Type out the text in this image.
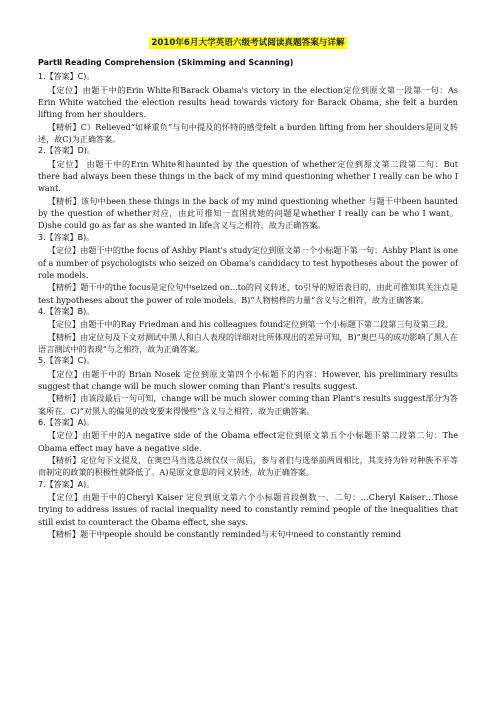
2010年6月大学英语六级考试阅读真题答案与详解

PartⅡ Reading Comprehension (Skimming and Scanning)

1.【答案】C)。

【定位】由题干中的Erin White和Barack Obama's victory in the election定位到原文第一段第一句：As Erin White watched the election results head towards victory for Barack Obama, she felt a burden lifting from her shoulders.

【精析】C）Relieved“如释重负”与句中提及的怀特的感受felt a burden lifting from her shoulders是同义转述，故C)为正确答案。

2.【答案】D)。

【定位】 由题干中的Erin White和haunted by the question of whether定位到原文第二段第二句：But there had always been these things in the back of my mind questioning whether I really can be who I want.

【精析】该句中been these things in the back of my mind questioning whether 与题干中been haunted by the question of whether对应，由此可推知一直困扰她的问题是whether I really can be who I want。D)she could go as far as she wanted in life含义与之相符，故为正确答案。

3.【答案】B)。

【定位】由题干中的the focus of Ashby Plant's study定位到原文第一个小标题下第一句：Ashby Plant is one of a number of psychologists who seized on Obama's candidacy to test hypotheses about the power of role models.

【精析】题干中的the focus是定位句中seized on...to的同义转述，to引导的短语表目的，由此可推知其关注点是test hypotheses about the power of role models。B)“人物榜样的力量”含义与之相符，故为正确答案。

4.【答案】B)。

【定位】由题干中的Ray Friedman and his colleagues found定位到第一个小标题下第二段第三句及第三段。

【精析】由定位句及下文对测试中黑人和白人表现的详细对比所体现出的差异可知，B)“奥巴马的成功影响了黑人在语言测试中的表现”与之相符，故为正确答案。

5.【答案】C)。

【定位】由题干中的 Brian Nosek 定位到原文第四个小标题下的内容：However, his preliminary results suggest that change will be much slower coming than Plant's results suggest.

【精析】由该段最后一句可知，change will be much slower coming than Plant's results suggest部分为答案所在。C)“对黑人的偏见的改变要来得慢些”含义与之相符，故为正确答案。

6.【答案】A)。

【定位】由题干中的A negative side of the Obama effect定位到原文第五个小标题下第二段第二句：The Obama effect may have a negative side.

【精析】定位句下文提及，在奥巴马当选总统仅仅一周后，参与者们与选举前两周相比，其支持为针对种族不平等而制定的政策的积极性就降低了。A)是原文意思的同义转述，故为正确答案。

7.【答案】A)。

【定位】由题干中的Cheryl Kaiser 定位到原文第六个小标题首段倒数一、二句：…Cheryl Kaiser…Those trying to address issues of racial inequality need to constantly remind people of the inequalities that still exist to counteract the Obama effect, she says.

【精析】题干中people should be constantly reminded与末句中need to constantly remind
